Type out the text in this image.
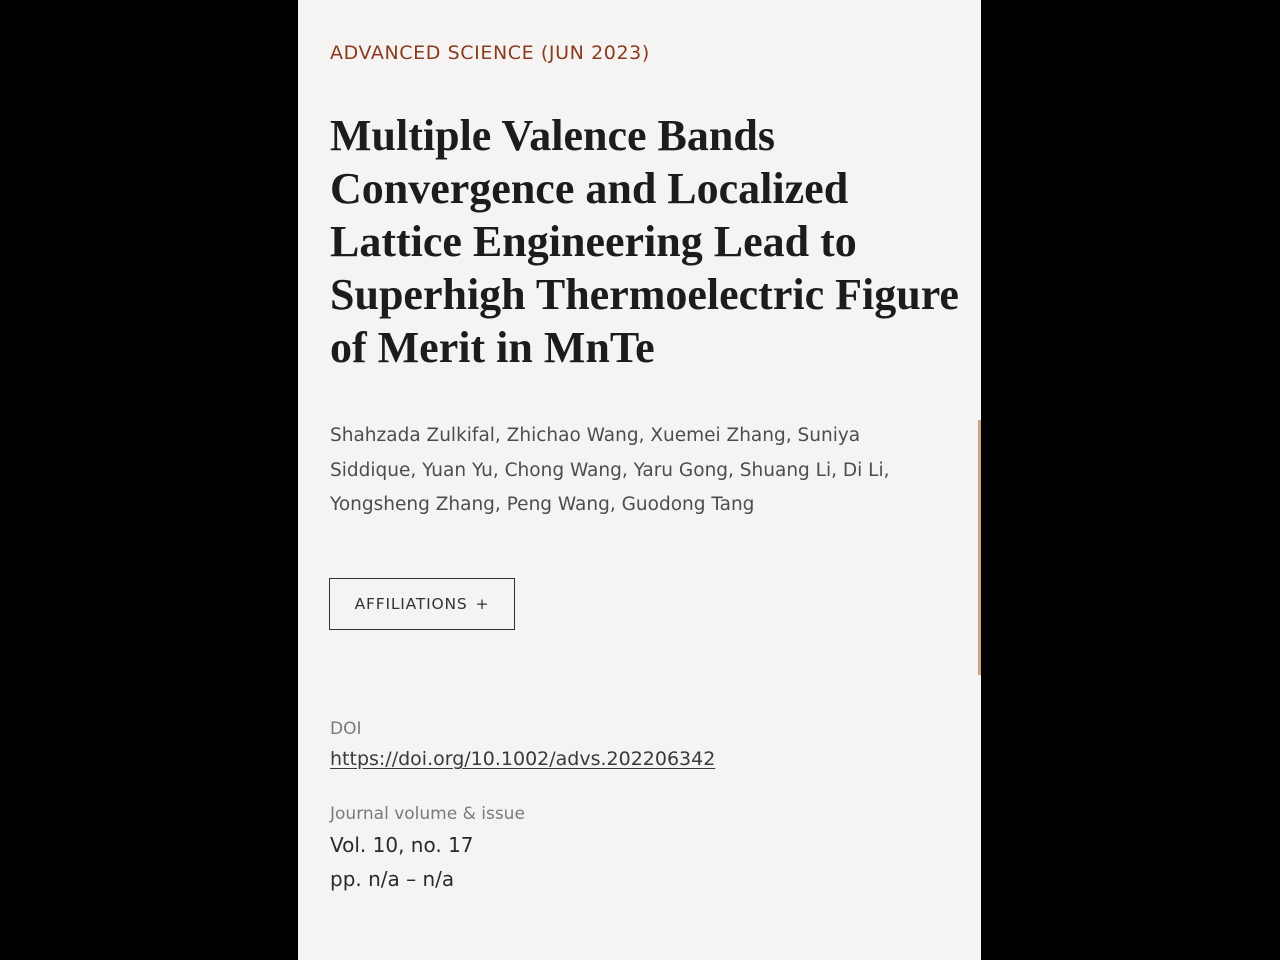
ADVANCED SCIENCE (JUN 2023)
Multiple Valence Bands Convergence and Localized Lattice Engineering Lead to Superhigh Thermoelectric Figure of Merit in MnTe
Shahzada Zulkifal, Zhichao Wang, Xuemei Zhang, Suniya Siddique, Yuan Yu, Chong Wang, Yaru Gong, Shuang Li, Di Li, Yongsheng Zhang, Peng Wang, Guodong Tang
AFFILIATIONS +
DOI
https://doi.org/10.1002/advs.202206342
Journal volume & issue
Vol. 10, no. 17
pp. n/a – n/a
